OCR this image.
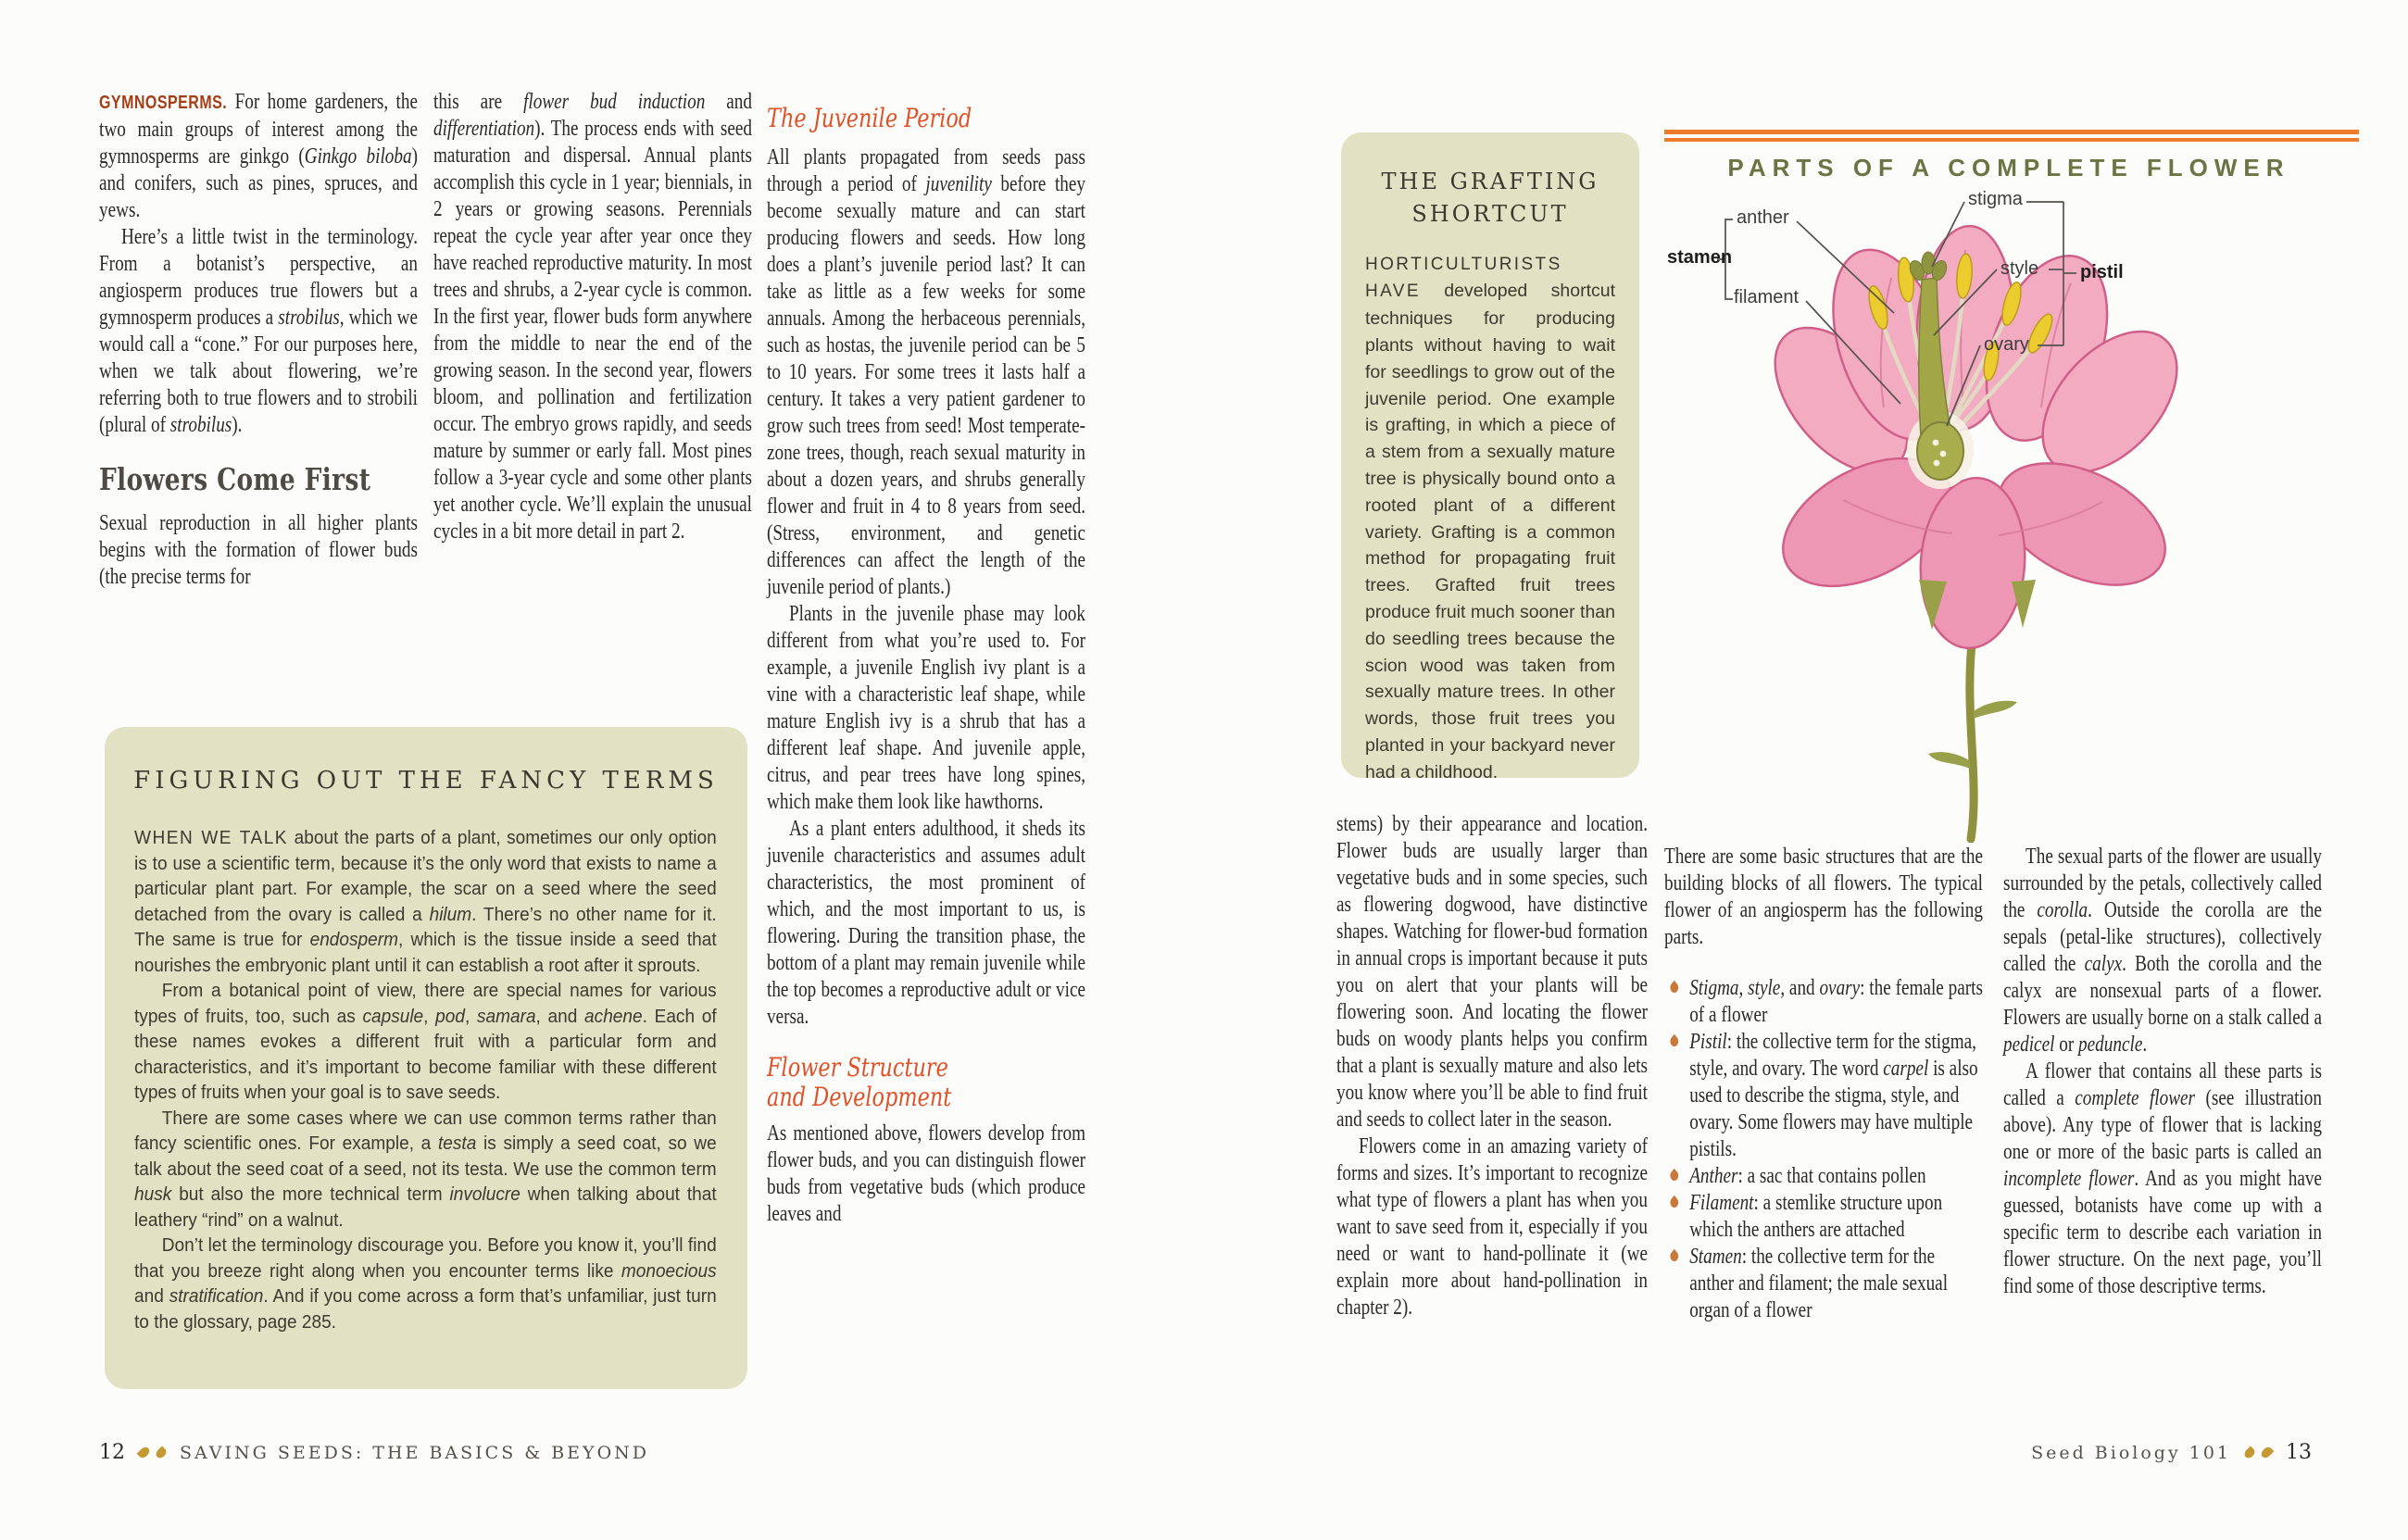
GYMNOSPERMS. For home gardeners, the two main groups of interest among the gymnosperms are ginkgo (Ginkgo biloba) and conifers, such as pines, spruces, and yews.

Here’s a little twist in the terminology. From a botanist’s perspective, an angiosperm produces true flowers but a gymnosperm produces a strobilus, which we would call a “cone.” For our purposes here, when we talk about flowering, we’re referring both to true flowers and to strobili (plural of strobilus).

Flowers Come First

Sexual reproduction in all higher plants begins with the formation of flower buds (the precise terms for

this are flower bud induction and differentiation). The process ends with seed maturation and dispersal. Annual plants accomplish this cycle in 1 year; biennials, in 2 years or growing seasons. Perennials repeat the cycle year after year once they have reached reproductive maturity. In most trees and shrubs, a 2-year cycle is common. In the first year, flower buds form anywhere from the middle to near the end of the growing season. In the second year, flowers bloom, and pollination and fertilization occur. The embryo grows rapidly, and seeds mature by summer or early fall. Most pines follow a 3-year cycle and some other plants yet another cycle. We’ll explain the unusual cycles in a bit more detail in part 2.

The Juvenile Period

All plants propagated from seeds pass through a period of juvenility before they become sexually mature and can start producing flowers and seeds. How long does a plant’s juvenile period last? It can take as little as a few weeks for some annuals. Among the herbaceous perennials, such as hostas, the juvenile period can be 5 to 10 years. For some trees it lasts half a century. It takes a very patient gardener to grow such trees from seed! Most temperate-zone trees, though, reach sexual maturity in about a dozen years, and shrubs generally flower and fruit in 4 to 8 years from seed. (Stress, environment, and genetic differences can affect the length of the juvenile period of plants.)

Plants in the juvenile phase may look different from what you’re used to. For example, a juvenile English ivy plant is a vine with a characteristic leaf shape, while mature English ivy is a shrub that has a different leaf shape. And juvenile apple, citrus, and pear trees have long spines, which make them look like hawthorns.

As a plant enters adulthood, it sheds its juvenile characteristics and assumes adult characteristics, the most prominent of which, and the most important to us, is flowering. During the transition phase, the bottom of a plant may remain juvenile while the top becomes a reproductive adult or vice versa.

Flower Structure
and Development

As mentioned above, flowers develop from flower buds, and you can distinguish flower buds from vegetative buds (which produce leaves and

FIGURING OUT THE FANCY TERMS

WHEN WE TALK about the parts of a plant, sometimes our only option is to use a scientific term, because it’s the only word that exists to name a particular plant part. For example, the scar on a seed where the seed detached from the ovary is called a hilum. There’s no other name for it. The same is true for endosperm, which is the tissue inside a seed that nourishes the embryonic plant until it can establish a root after it sprouts.

From a botanical point of view, there are special names for various types of fruits, too, such as capsule, pod, samara, and achene. Each of these names evokes a different fruit with a particular form and characteristics, and it’s important to become familiar with these different types of fruits when your goal is to save seeds.

There are some cases where we can use common terms rather than fancy scientific ones. For example, a testa is simply a seed coat, so we talk about the seed coat of a seed, not its testa. We use the common term husk but also the more technical term involucre when talking about that leathery “rind” on a walnut.

Don’t let the terminology discourage you. Before you know it, you’ll find that you breeze right along when you encounter terms like monoecious and stratification. And if you come across a form that’s unfamiliar, just turn to the glossary, page 285.

12	SAVING SEEDS: THE BASICS & BEYOND
THE GRAFTING SHORTCUT

HORTICULTURISTS HAVE developed shortcut techniques for producing plants without having to wait for seedlings to grow out of the juvenile period. One example is grafting, in which a piece of a stem from a sexually mature tree is physically bound onto a rooted plant of a different variety. Grafting is a common method for propagating fruit trees. Grafted fruit trees produce fruit much sooner than do seedling trees because the scion wood was taken from sexually mature trees. In other words, those fruit trees you planted in your backyard never had a childhood.

PARTS OF A COMPLETE FLOWER
stamen
anther
filament
stigma
style pistil
ovary

stems) by their appearance and location. Flower buds are usually larger than vegetative buds and in some species, such as flowering dogwood, have distinctive shapes. Watching for flower-bud formation in annual crops is important because it puts you on alert that your plants will be flowering soon. And locating the flower buds on woody plants helps you confirm that a plant is sexually mature and also lets you know where you’ll be able to find fruit and seeds to collect later in the season.

Flowers come in an amazing variety of forms and sizes. It’s important to recognize what type of flowers a plant has when you want to save seed from it, especially if you need or want to hand-pollinate it (we explain more about hand-pollination in chapter 2).

There are some basic structures that are the building blocks of all flowers. The typical flower of an angiosperm has the following parts.

Stigma, style, and ovary: the female parts of a flower
Pistil: the collective term for the stigma, style, and ovary. The word carpel is also used to describe the stigma, style, and ovary. Some flowers may have multiple pistils.
Anther: a sac that contains pollen
Filament: a stemlike structure upon which the anthers are attached
Stamen: the collective term for the anther and filament; the male sexual organ of a flower

The sexual parts of the flower are usually surrounded by the petals, collectively called the corolla. Outside the corolla are the sepals (petal-like structures), collectively called the calyx. Both the corolla and the calyx are nonsexual parts of a flower. Flowers are usually borne on a stalk called a pedicel or peduncle.

A flower that contains all these parts is called a complete flower (see illustration above). Any type of flower that is lacking one or more of the basic parts is called an incomplete flower. And as you might have guessed, botanists have come up with a specific term to describe each variation in flower structure. On the next page, you’ll find some of those descriptive terms.

Seed Biology 101	13
